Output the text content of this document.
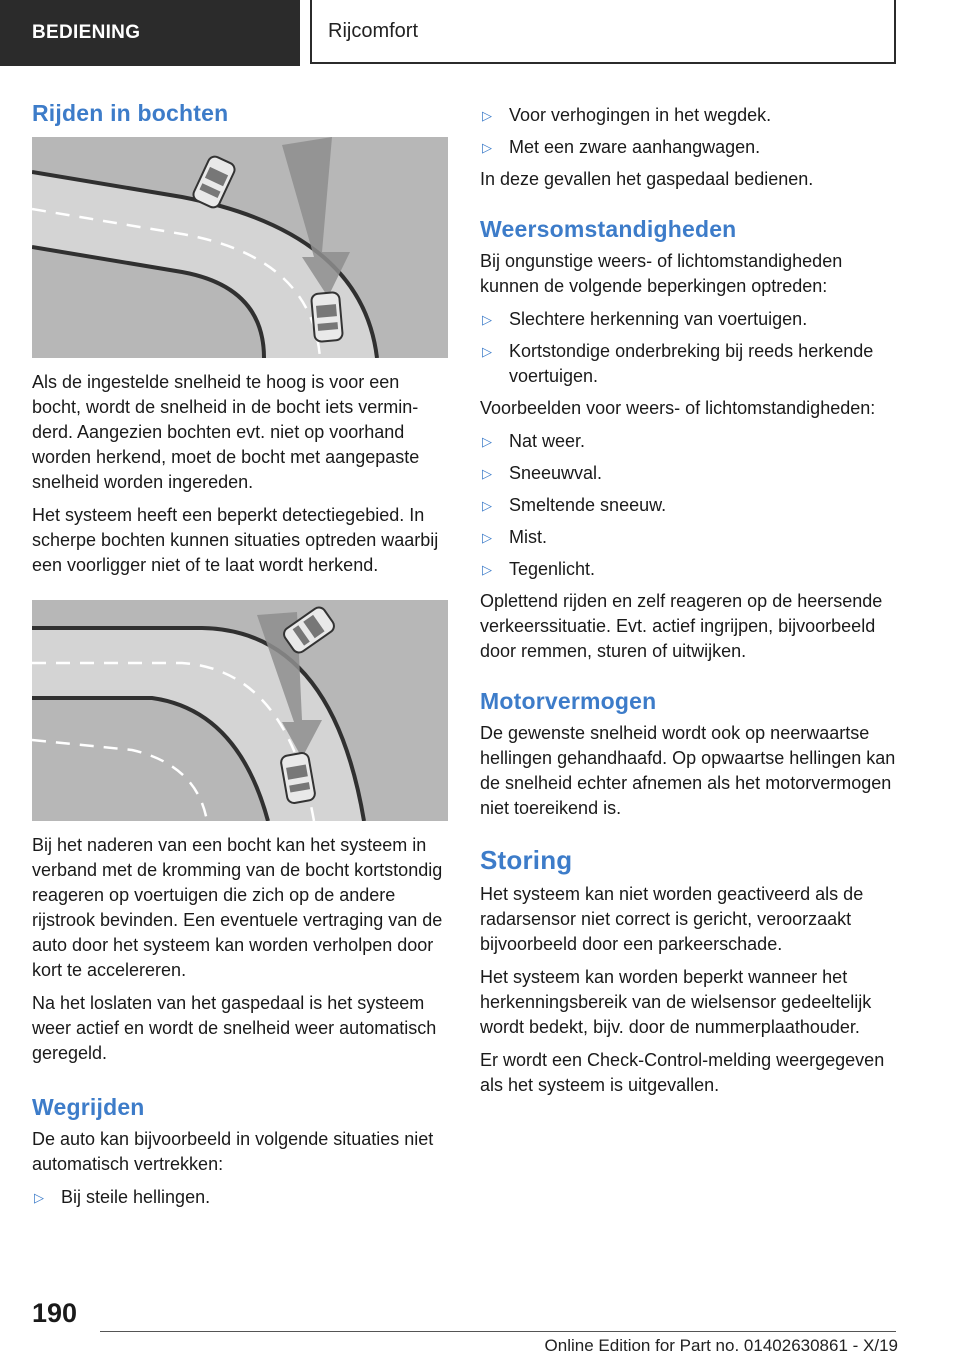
BEDIENING	Rijcomfort
Rijden in bochten

Als de ingestelde snelheid te hoog is voor een bocht, wordt de snelheid in de bocht iets verminderd. Aangezien bochten evt. niet op voorhand worden herkend, moet de bocht met aangepaste snelheid worden ingereden.

Het systeem heeft een beperkt detectiegebied. In scherpe bochten kunnen situaties optreden waarbij een voorligger niet of te laat wordt herkend.

Bij het naderen van een bocht kan het systeem in verband met de kromming van de bocht kortstondig reageren op voertuigen die zich op de andere rijstrook bevinden. Een eventuele vertraging van de auto door het systeem kan worden verholpen door kort te accelereren.

Na het loslaten van het gaspedaal is het systeem weer actief en wordt de snelheid weer automatisch geregeld.

Wegrijden

De auto kan bijvoorbeeld in volgende situaties niet automatisch vertrekken:

▷ Bij steile hellingen.
▷ Voor verhogingen in het wegdek.
▷ Met een zware aanhangwagen.

In deze gevallen het gaspedaal bedienen.

Weersomstandigheden

Bij ongunstige weers- of lichtomstandigheden kunnen de volgende beperkingen optreden:

▷ Slechtere herkenning van voertuigen.
▷ Kortstondige onderbreking bij reeds herkende voertuigen.

Voorbeelden voor weers- of lichtomstandigheden:

▷ Nat weer.
▷ Sneeuwval.
▷ Smeltende sneeuw.
▷ Mist.
▷ Tegenlicht.

Oplettend rijden en zelf reageren op de heersende verkeerssituatie. Evt. actief ingrijpen, bijvoorbeeld door remmen, sturen of uitwijken.

Motorvermogen

De gewenste snelheid wordt ook op neerwaartse hellingen gehandhaafd. Op opwaartse hellingen kan de snelheid echter afnemen als het motorvermogen niet toereikend is.

Storing

Het systeem kan niet worden geactiveerd als de radarsensor niet correct is gericht, veroorzaakt bijvoorbeeld door een parkeerschade.

Het systeem kan worden beperkt wanneer het herkenningsbereik van de wielsensor gedeeltelijk wordt bedekt, bijv. door de nummerplaathouder.

Er wordt een Check-Control-melding weergegeven als het systeem is uitgevallen.

190
Online Edition for Part no. 01402630861 - X/19
